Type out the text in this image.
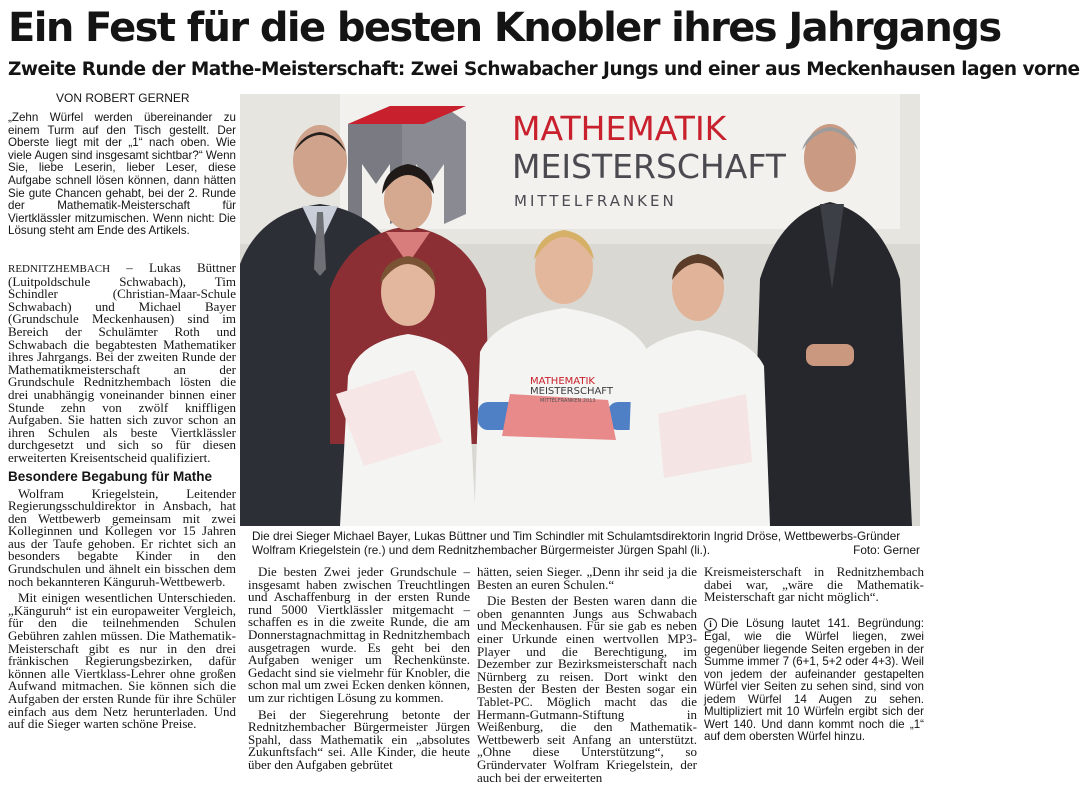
Ein Fest für die besten Knobler ihres Jahrgangs
Zweite Runde der Mathe-Meisterschaft: Zwei Schwabacher Jungs und einer aus Meckenhausen lagen vorne
VON ROBERT GERNER

„Zehn Würfel werden übereinander zu einem Turm auf den Tisch gestellt. Der Oberste liegt mit der „1“ nach oben. Wie viele Augen sind insgesamt sichtbar?“ Wenn Sie, liebe Leserin, lieber Leser, diese Aufgabe schnell lösen können, dann hätten Sie gute Chancen gehabt, bei der 2. Runde der Mathematik-Meisterschaft für Viertklässler mitzumischen. Wenn nicht: Die Lösung steht am Ende des Artikels.

REDNITZHEMBACH – Lukas Büttner (Luitpoldschule Schwabach), Tim Schindler (Christian-Maar-Schule Schwabach) und Michael Bayer (Grundschule Meckenhausen) sind im Bereich der Schulämter Roth und Schwabach die begabtesten Mathematiker ihres Jahrgangs. Bei der zweiten Runde der Mathematikmeisterschaft an der Grundschule Rednitzhembach lösten die drei unabhängig voneinander binnen einer Stunde zehn von zwölf kniffligen Aufgaben. Sie hatten sich zuvor schon an ihren Schulen als beste Viertklässler durchgesetzt und sich so für diesen erweiterten Kreisentscheid qualifiziert.

Besondere Begabung für Mathe

Wolfram Kriegelstein, Leitender Regierungsschuldirektor in Ansbach, hat den Wettbewerb gemeinsam mit zwei Kolleginnen und Kollegen vor 15 Jahren aus der Taufe gehoben. Er richtet sich an besonders begabte Kinder in den Grundschulen und ähnelt ein bisschen dem noch bekannteren Känguruh-Wettbewerb.

Mit einigen wesentlichen Unterschieden. „Känguruh“ ist ein europaweiter Vergleich, für den die teilnehmenden Schulen Gebühren zahlen müssen. Die Mathematik-Meisterschaft gibt es nur in den drei fränkischen Regierungsbezirken, dafür können alle Viertklass-Lehrer ohne großen Aufwand mitmachen. Sie können sich die Aufgaben der ersten Runde für ihre Schüler einfach aus dem Netz herunterladen. Und auf die Sieger warten schöne Preise.

MATHEMATIK
MEISTERSCHAFT
MITTELFRANKEN
MATHEMATIK
MEISTERSCHAFT
MITTELFRANKEN 2013
Die drei Sieger Michael Bayer, Lukas Büttner und Tim Schindler mit Schulamtsdirektorin Ingrid Dröse, Wettbewerbs-Gründer Wolfram Kriegelstein (re.) und dem Rednitzhembacher Bürgermeister Jürgen Spahl (li.).	Foto: Gerner

Die besten Zwei jeder Grundschule – insgesamt haben zwischen Treuchtlingen und Aschaffenburg in der ersten Runde rund 5000 Viertklässler mitgemacht – schaffen es in die zweite Runde, die am Donnerstagnachmittag in Rednitzhembach ausgetragen wurde. Es geht bei den Aufgaben weniger um Rechenkünste. Gedacht sind sie vielmehr für Knobler, die schon mal um zwei Ecken denken können, um zur richtigen Lösung zu kommen.

Bei der Siegerehrung betonte der Rednitzhembacher Bürgermeister Jürgen Spahl, dass Mathematik ein „absolutes Zukunftsfach“ sei. Alle Kinder, die heute über den Aufgaben gebrütet

hätten, seien Sieger. „Denn ihr seid ja die Besten an euren Schulen.“

Die Besten der Besten waren dann die oben genannten Jungs aus Schwabach und Meckenhausen. Für sie gab es neben einer Urkunde einen wertvollen MP3-Player und die Berechtigung, im Dezember zur Bezirksmeisterschaft nach Nürnberg zu reisen. Dort winkt den Besten der Besten der Besten sogar ein Tablet-PC. Möglich macht das die Hermann-Gutmann-Stiftung in Weißenburg, die den Mathematik-Wettbewerb seit Anfang an unterstützt. „Ohne diese Unterstützung“, so Gründervater Wolfram Kriegelstein, der auch bei der erweiterten

Kreismeisterschaft in Rednitzhembach dabei war, „wäre die Mathematik-Meisterschaft gar nicht möglich“.

i Die Lösung lautet 141. Begründung: Egal, wie die Würfel liegen, zwei gegenüber liegende Seiten ergeben in der Summe immer 7 (6+1, 5+2 oder 4+3). Weil von jedem der aufeinander gestapelten Würfel vier Seiten zu sehen sind, sind von jedem Würfel 14 Augen zu sehen. Multipliziert mit 10 Würfeln ergibt sich der Wert 140. Und dann kommt noch die „1“ auf dem obersten Würfel hinzu.
